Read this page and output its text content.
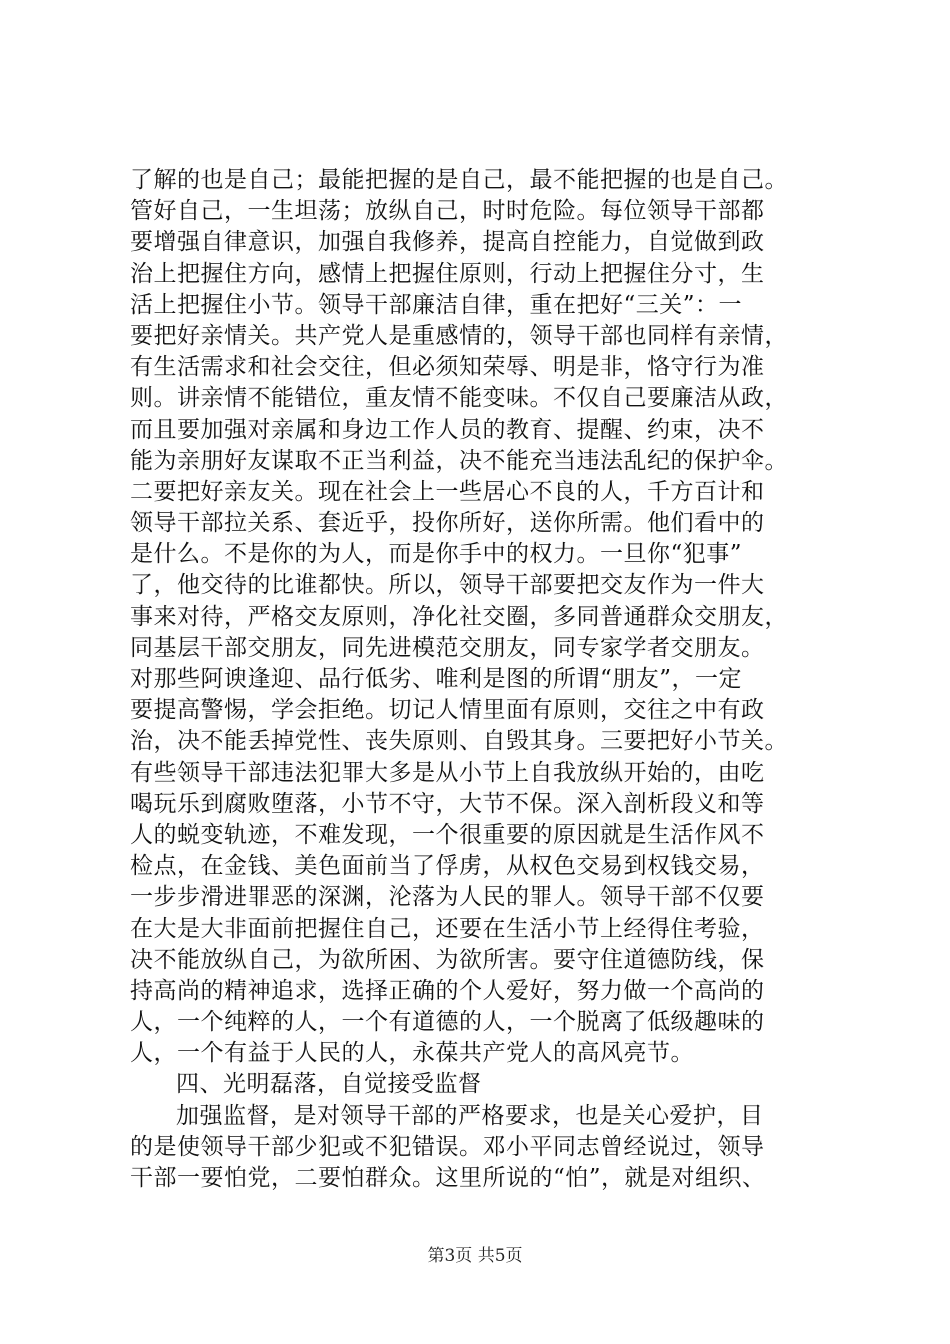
了解的也是自己；最能把握的是自己，最不能把握的也是自己。
管好自己，一生坦荡；放纵自己，时时危险。每位领导干部都
要增强自律意识，加强自我修养，提高自控能力，自觉做到政
治上把握住方向，感情上把握住原则，行动上把握住分寸，生
活上把握住小节。领导干部廉洁自律，重在把好“三关”：一
要把好亲情关。共产党人是重感情的，领导干部也同样有亲情，
有生活需求和社会交往，但必须知荣辱、明是非，恪守行为准
则。讲亲情不能错位，重友情不能变味。不仅自己要廉洁从政，
而且要加强对亲属和身边工作人员的教育、提醒、约束，决不
能为亲朋好友谋取不正当利益，决不能充当违法乱纪的保护伞。
二要把好亲友关。现在社会上一些居心不良的人，千方百计和
领导干部拉关系、套近乎，投你所好，送你所需。他们看中的
是什么。不是你的为人，而是你手中的权力。一旦你“犯事”
了，他交待的比谁都快。所以，领导干部要把交友作为一件大
事来对待，严格交友原则，净化社交圈，多同普通群众交朋友，
同基层干部交朋友，同先进模范交朋友，同专家学者交朋友。
对那些阿谀逢迎、品行低劣、唯利是图的所谓“朋友”，一定
要提高警惕，学会拒绝。切记人情里面有原则，交往之中有政
治，决不能丢掉党性、丧失原则、自毁其身。三要把好小节关。
有些领导干部违法犯罪大多是从小节上自我放纵开始的，由吃
喝玩乐到腐败堕落，小节不守，大节不保。深入剖析段义和等
人的蜕变轨迹，不难发现，一个很重要的原因就是生活作风不
检点，在金钱、美色面前当了俘虏，从权色交易到权钱交易，
一步步滑进罪恶的深渊，沦落为人民的罪人。领导干部不仅要
在大是大非面前把握住自己，还要在生活小节上经得住考验，
决不能放纵自己，为欲所困、为欲所害。要守住道德防线，保
持高尚的精神追求，选择正确的个人爱好，努力做一个高尚的
人，一个纯粹的人，一个有道德的人，一个脱离了低级趣味的
人，一个有益于人民的人，永葆共产党人的高风亮节。
四、光明磊落，自觉接受监督
加强监督，是对领导干部的严格要求，也是关心爱护，目
的是使领导干部少犯或不犯错误。邓小平同志曾经说过，领导
干部一要怕党，二要怕群众。这里所说的“怕”，就是对组织、
第3页 共5页
